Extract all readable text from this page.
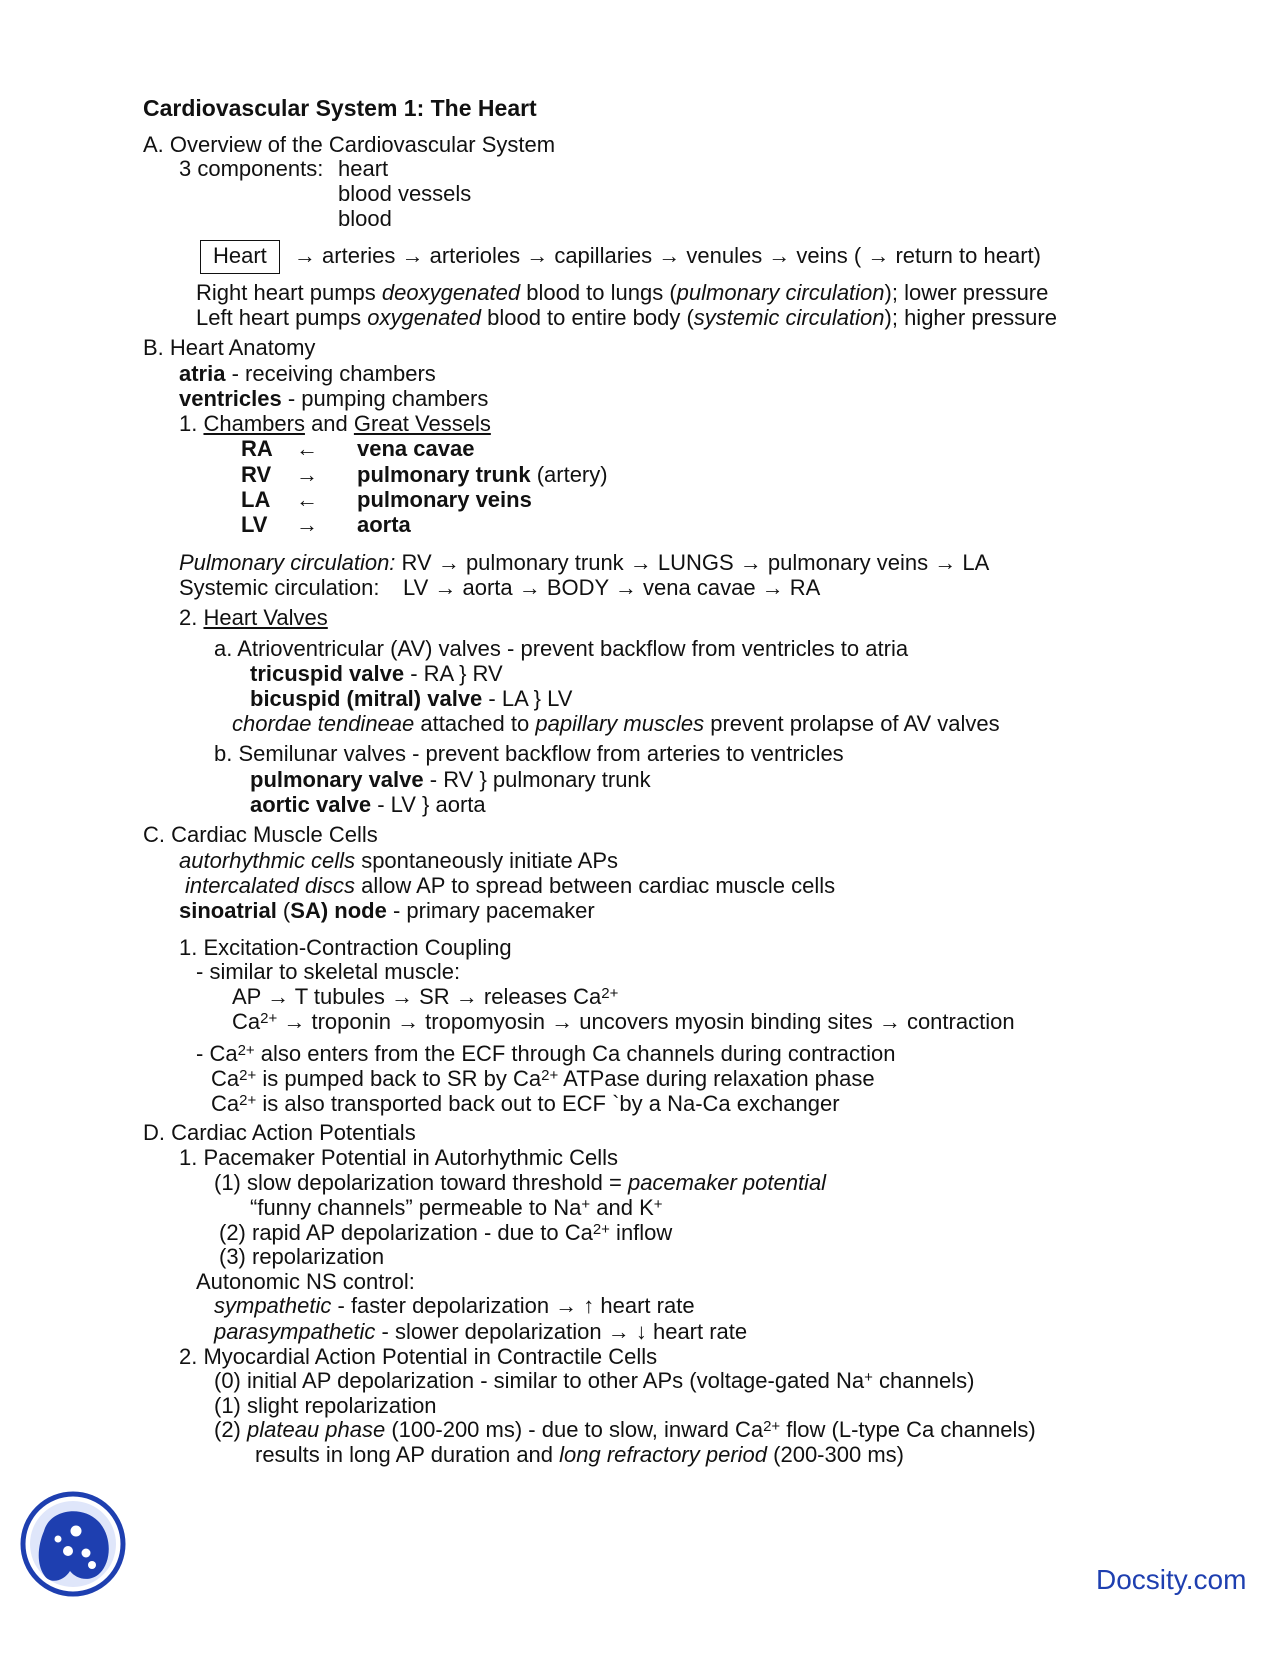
Cardiovascular System 1: The Heart
A. Overview of the Cardiovascular System
3 components: heart
blood vessels
blood
Heart → arteries → arterioles → capillaries → venules → veins ( → return to heart)
Right heart pumps deoxygenated blood to lungs (pulmonary circulation); lower pressure
Left heart pumps oxygenated blood to entire body (systemic circulation); higher pressure
B. Heart Anatomy
atria - receiving chambers
ventricles - pumping chambers
1. Chambers and Great Vessels
RA ← vena cavae
RV → pulmonary trunk (artery)
LA ← pulmonary veins
LV → aorta
Pulmonary circulation: RV → pulmonary trunk → LUNGS → pulmonary veins → LA
Systemic circulation: LV → aorta → BODY → vena cavae → RA
2. Heart Valves
a. Atrioventricular (AV) valves - prevent backflow from ventricles to atria
tricuspid valve - RA } RV
bicuspid (mitral) valve - LA } LV
chordae tendineae attached to papillary muscles prevent prolapse of AV valves
b. Semilunar valves - prevent backflow from arteries to ventricles
pulmonary valve - RV } pulmonary trunk
aortic valve - LV } aorta
C. Cardiac Muscle Cells
autorhythmic cells spontaneously initiate APs
intercalated discs allow AP to spread between cardiac muscle cells
sinoatrial (SA) node - primary pacemaker
1. Excitation-Contraction Coupling
- similar to skeletal muscle:
AP → T tubules → SR → releases $Ca^{2+}$
$Ca^{2+}$ → troponin → tropomyosin → uncovers myosin binding sites → contraction
- $Ca^{2+}$ also enters from the ECF through Ca channels during contraction
$Ca^{2+}$ is pumped back to SR by $Ca^{2+}$ ATPase during relaxation phase
$Ca^{2+}$ is also transported back out to ECF `by a Na-Ca exchanger
D. Cardiac Action Potentials
1. Pacemaker Potential in Autorhythmic Cells
(1) slow depolarization toward threshold = pacemaker potential
“funny channels” permeable to Na+ and K+
(2) rapid AP depolarization - due to $Ca^{2+}$ inflow
(3) repolarization
Autonomic NS control:
sympathetic - faster depolarization → ↑ heart rate
parasympathetic - slower depolarization → ↓ heart rate
2. Myocardial Action Potential in Contractile Cells
(0) initial AP depolarization - similar to other APs (voltage-gated Na+ channels)
(1) slight repolarization
(2) plateau phase (100-200 ms) - due to slow, inward $Ca^{2+}$ flow (L-type Ca channels)
results in long AP duration and long refractory period (200-300 ms)
Docsity.com
